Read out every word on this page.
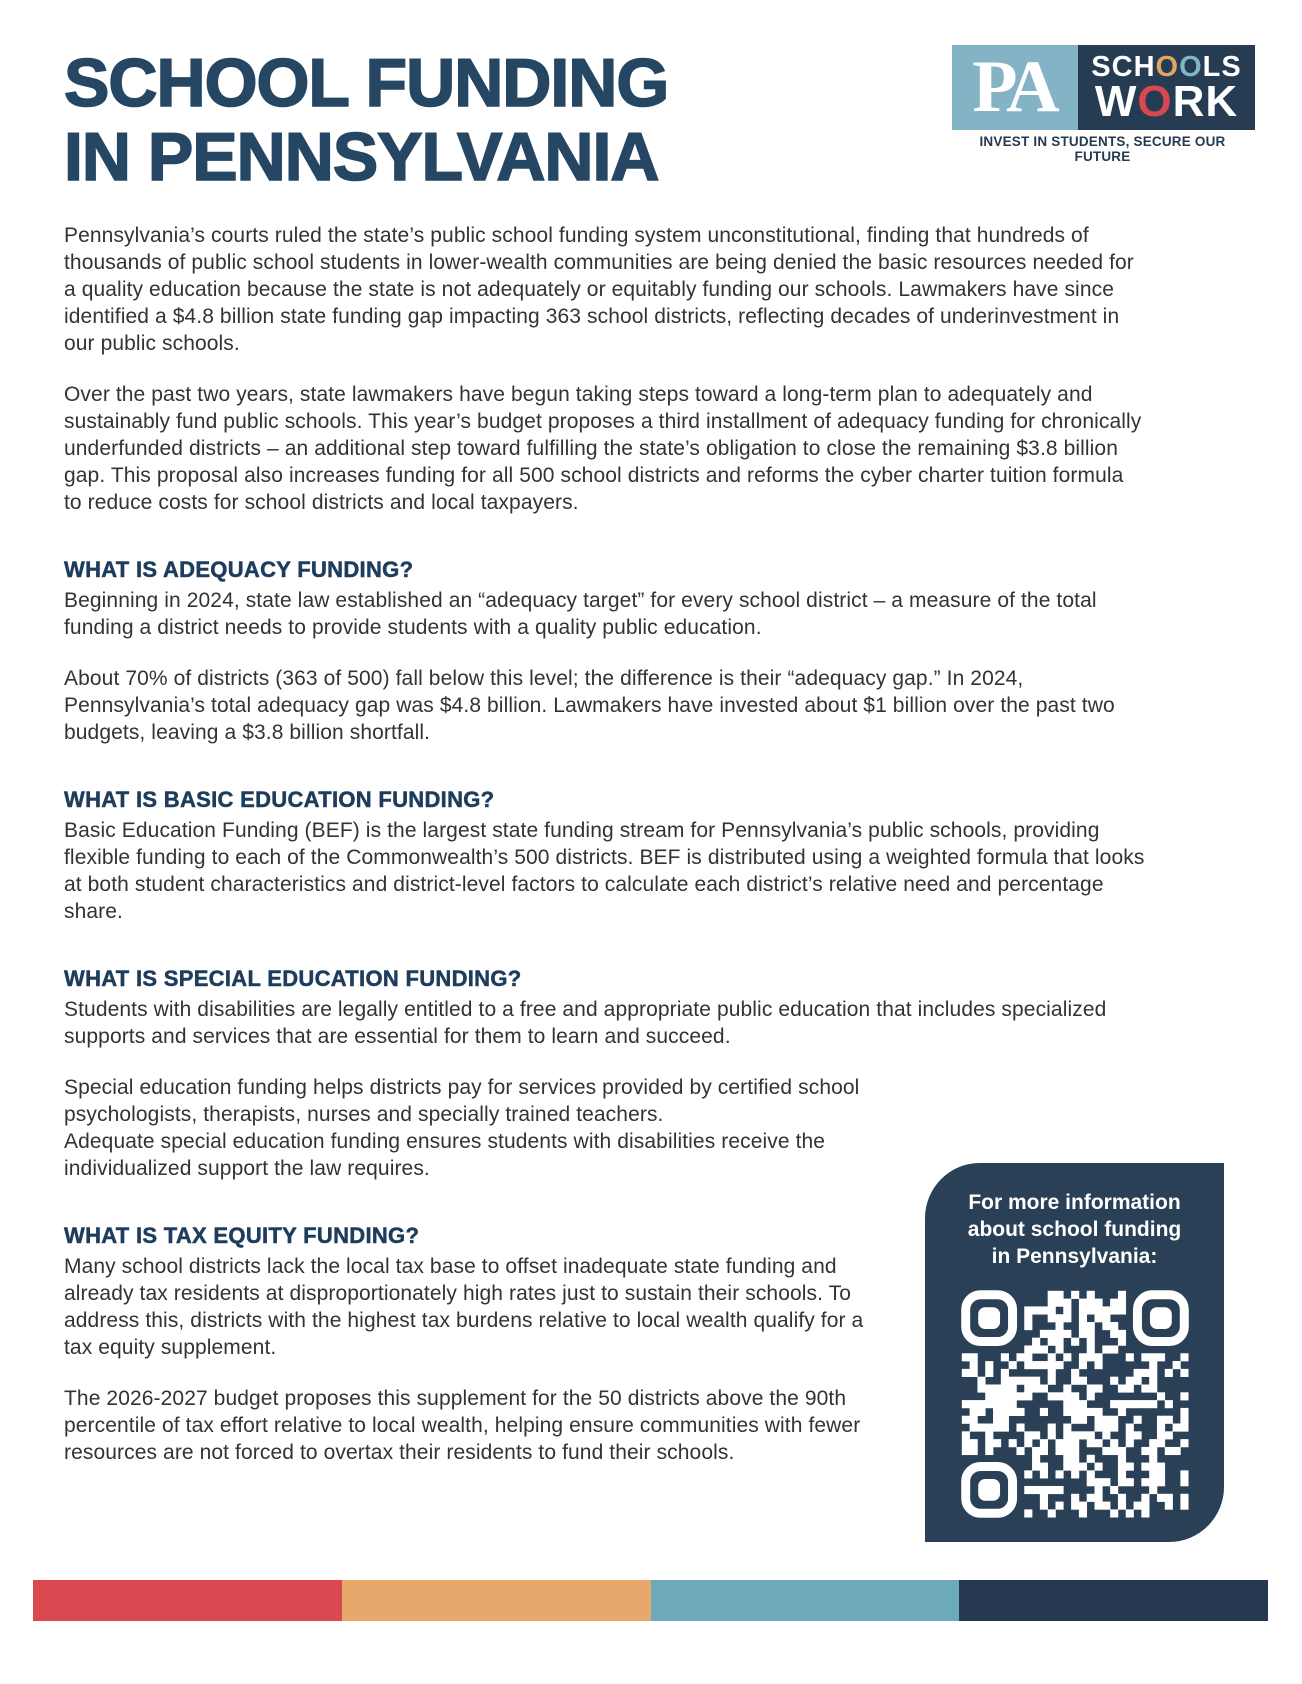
SCHOOL FUNDING
IN PENNSYLVANIA
PA	SCHOOLS
WORK
INVEST IN STUDENTS, SECURE OUR FUTURE

Pennsylvania’s courts ruled the state’s public school funding system unconstitutional, finding that hundreds of thousands of public school students in lower-wealth communities are being denied the basic resources needed for a quality education because the state is not adequately or equitably funding our schools. Lawmakers have since identified a $4.8 billion state funding gap impacting 363 school districts, reflecting decades of underinvestment in our public schools.

Over the past two years, state lawmakers have begun taking steps toward a long-term plan to adequately and sustainably fund public schools. This year’s budget proposes a third installment of adequacy funding for chronically underfunded districts – an additional step toward fulfilling the state’s obligation to close the remaining $3.8 billion gap. This proposal also increases funding for all 500 school districts and reforms the cyber charter tuition formula to reduce costs for school districts and local taxpayers.

WHAT IS ADEQUACY FUNDING?

Beginning in 2024, state law established an “adequacy target” for every school district – a measure of the total funding a district needs to provide students with a quality public education.

About 70% of districts (363 of 500) fall below this level; the difference is their “adequacy gap.” In 2024, Pennsylvania’s total adequacy gap was $4.8 billion. Lawmakers have invested about $1 billion over the past two budgets, leaving a $3.8 billion shortfall.

WHAT IS BASIC EDUCATION FUNDING?

Basic Education Funding (BEF) is the largest state funding stream for Pennsylvania’s public schools, providing flexible funding to each of the Commonwealth’s 500 districts. BEF is distributed using a weighted formula that looks at both student characteristics and district-level factors to calculate each district’s relative need and percentage share.

WHAT IS SPECIAL EDUCATION FUNDING?

Students with disabilities are legally entitled to a free and appropriate public education that includes specialized supports and services that are essential for them to learn and succeed.

Special education funding helps districts pay for services provided by certified school psychologists, therapists, nurses and specially trained teachers.

Adequate special education funding ensures students with disabilities receive the individualized support the law requires.

WHAT IS TAX EQUITY FUNDING?

Many school districts lack the local tax base to offset inadequate state funding and already tax residents at disproportionately high rates just to sustain their schools. To address this, districts with the highest tax burdens relative to local wealth qualify for a tax equity supplement.

The 2026-2027 budget proposes this supplement for the 50 districts above the 90th percentile of tax effort relative to local wealth, helping ensure communities with fewer resources are not forced to overtax their residents to fund their schools.

For more information
about school funding
in Pennsylvania:
